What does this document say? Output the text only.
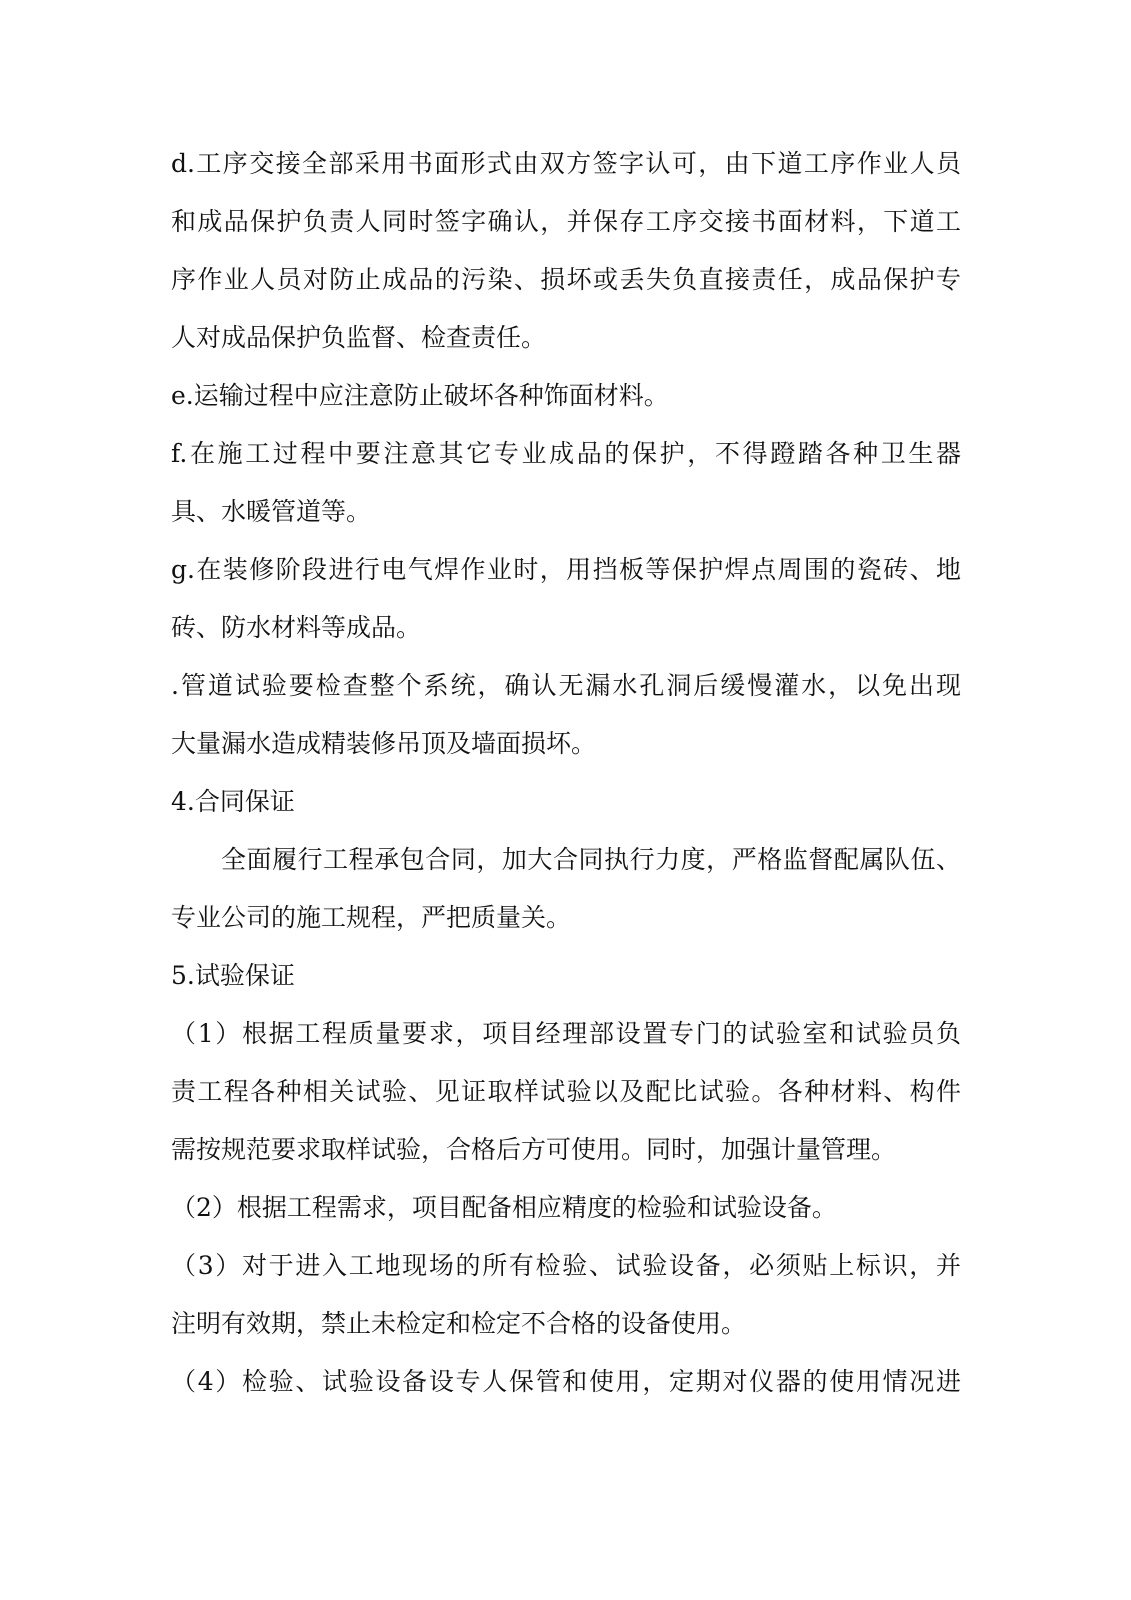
d.工序交接全部采用书面形式由双方签字认可，由下道工序作业人员
和成品保护负责人同时签字确认，并保存工序交接书面材料，下道工
序作业人员对防止成品的污染、损坏或丢失负直接责任，成品保护专
人对成品保护负监督、检查责任。
e.运输过程中应注意防止破坏各种饰面材料。
f.在施工过程中要注意其它专业成品的保护，不得蹬踏各种卫生器
具、水暖管道等。
g.在装修阶段进行电气焊作业时，用挡板等保护焊点周围的瓷砖、地
砖、防水材料等成品。
.管道试验要检查整个系统，确认无漏水孔洞后缓慢灌水，以免出现
大量漏水造成精装修吊顶及墙面损坏。
4.合同保证
全面履行工程承包合同，加大合同执行力度，严格监督配属队伍、
专业公司的施工规程，严把质量关。
5.试验保证
（1）根据工程质量要求，项目经理部设置专门的试验室和试验员负
责工程各种相关试验、见证取样试验以及配比试验。各种材料、构件
需按规范要求取样试验，合格后方可使用。同时，加强计量管理。
（2）根据工程需求，项目配备相应精度的检验和试验设备。
（3）对于进入工地现场的所有检验、试验设备，必须贴上标识，并
注明有效期，禁止未检定和检定不合格的设备使用。
（4）检验、试验设备设专人保管和使用，定期对仪器的使用情况进
